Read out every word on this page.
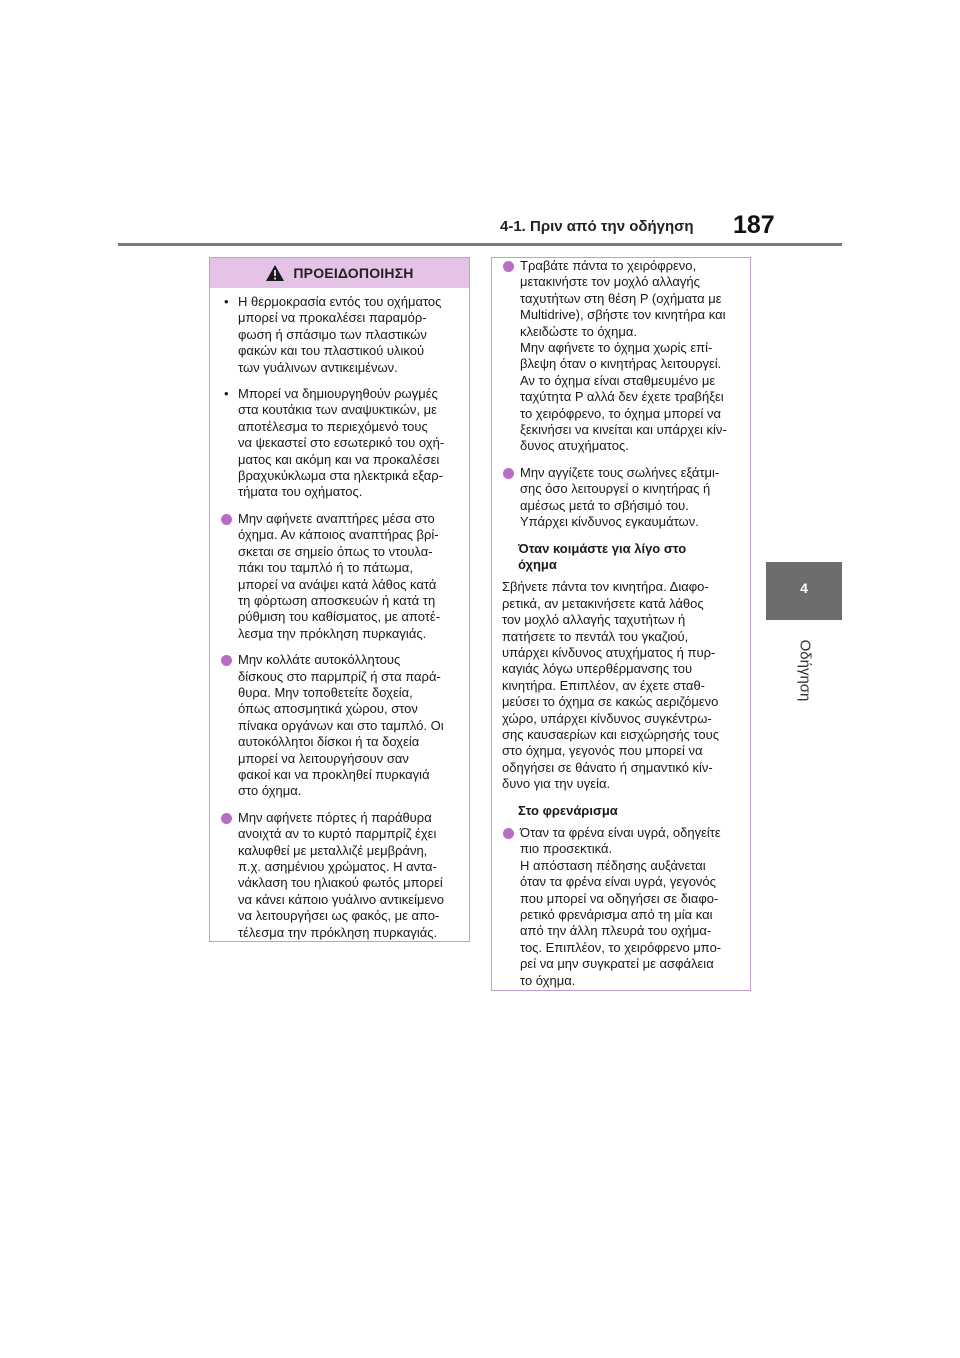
4-1. Πριν από την οδήγηση 187
4
Οδήγηση
ΠΡΟΕΙΔΟΠΟΙΗΣΗ
• Η θερμοκρασία εντός του οχήματος
μπορεί να προκαλέσει παραμόρ-
φωση ή σπάσιμο των πλαστικών
φακών και του πλαστικού υλικού
των γυάλινων αντικειμένων.
• Μπορεί να δημιουργηθούν ρωγμές
στα κουτάκια των αναψυκτικών, με
αποτέλεσμα το περιεχόμενό τους
να ψεκαστεί στο εσωτερικό του οχή-
ματος και ακόμη και να προκαλέσει
βραχυκύκλωμα στα ηλεκτρικά εξαρ-
τήματα του οχήματος.
Μην αφήνετε αναπτήρες μέσα στο
όχημα. Αν κάποιος αναπτήρας βρί-
σκεται σε σημείο όπως το ντουλα-
πάκι του ταμπλό ή το πάτωμα,
μπορεί να ανάψει κατά λάθος κατά
τη φόρτωση αποσκευών ή κατά τη
ρύθμιση του καθίσματος, με αποτέ-
λεσμα την πρόκληση πυρκαγιάς.
Μην κολλάτε αυτοκόλλητους
δίσκους στο παρμπρίζ ή στα παρά-
θυρα. Μην τοποθετείτε δοχεία,
όπως αποσμητικά χώρου, στον
πίνακα οργάνων και στο ταμπλό. Οι
αυτοκόλλητοι δίσκοι ή τα δοχεία
μπορεί να λειτουργήσουν σαν
φακοί και να προκληθεί πυρκαγιά
στο όχημα.
Μην αφήνετε πόρτες ή παράθυρα
ανοιχτά αν το κυρτό παρμπρίζ έχει
καλυφθεί με μεταλλιζέ μεμβράνη,
π.χ. ασημένιου χρώματος. Η αντα-
νάκλαση του ηλιακού φωτός μπορεί
να κάνει κάποιο γυάλινο αντικείμενο
να λειτουργήσει ως φακός, με απο-
τέλεσμα την πρόκληση πυρκαγιάς.
Τραβάτε πάντα το χειρόφρενο,
μετακινήστε τον μοχλό αλλαγής
ταχυτήτων στη θέση P (οχήματα με
Multidrive), σβήστε τον κινητήρα και
κλειδώστε το όχημα.
Μην αφήνετε το όχημα χωρίς επί-
βλεψη όταν ο κινητήρας λειτουργεί.
Αν το όχημα είναι σταθμευμένο με
ταχύτητα P αλλά δεν έχετε τραβήξει
το χειρόφρενο, το όχημα μπορεί να
ξεκινήσει να κινείται και υπάρχει κίν-
δυνος ατυχήματος.
Μην αγγίζετε τους σωλήνες εξάτμι-
σης όσο λειτουργεί ο κινητήρας ή
αμέσως μετά το σβήσιμό του.
Υπάρχει κίνδυνος εγκαυμάτων.
Όταν κοιμάστε για λίγο στο
όχημα
Σβήνετε πάντα τον κινητήρα. Διαφο-
ρετικά, αν μετακινήσετε κατά λάθος
τον μοχλό αλλαγής ταχυτήτων ή
πατήσετε το πεντάλ του γκαζιού,
υπάρχει κίνδυνος ατυχήματος ή πυρ-
καγιάς λόγω υπερθέρμανσης του
κινητήρα. Επιπλέον, αν έχετε σταθ-
μεύσει το όχημα σε κακώς αεριζόμενο
χώρο, υπάρχει κίνδυνος συγκέντρω-
σης καυσαερίων και εισχώρησής τους
στο όχημα, γεγονός που μπορεί να
οδηγήσει σε θάνατο ή σημαντικό κίν-
δυνο για την υγεία.
Στο φρενάρισμα
Όταν τα φρένα είναι υγρά, οδηγείτε
πιο προσεκτικά.
Η απόσταση πέδησης αυξάνεται
όταν τα φρένα είναι υγρά, γεγονός
που μπορεί να οδηγήσει σε διαφο-
ρετικό φρενάρισμα από τη μία και
από την άλλη πλευρά του οχήμα-
τος. Επιπλέον, το χειρόφρενο μπο-
ρεί να μην συγκρατεί με ασφάλεια
το όχημα.
